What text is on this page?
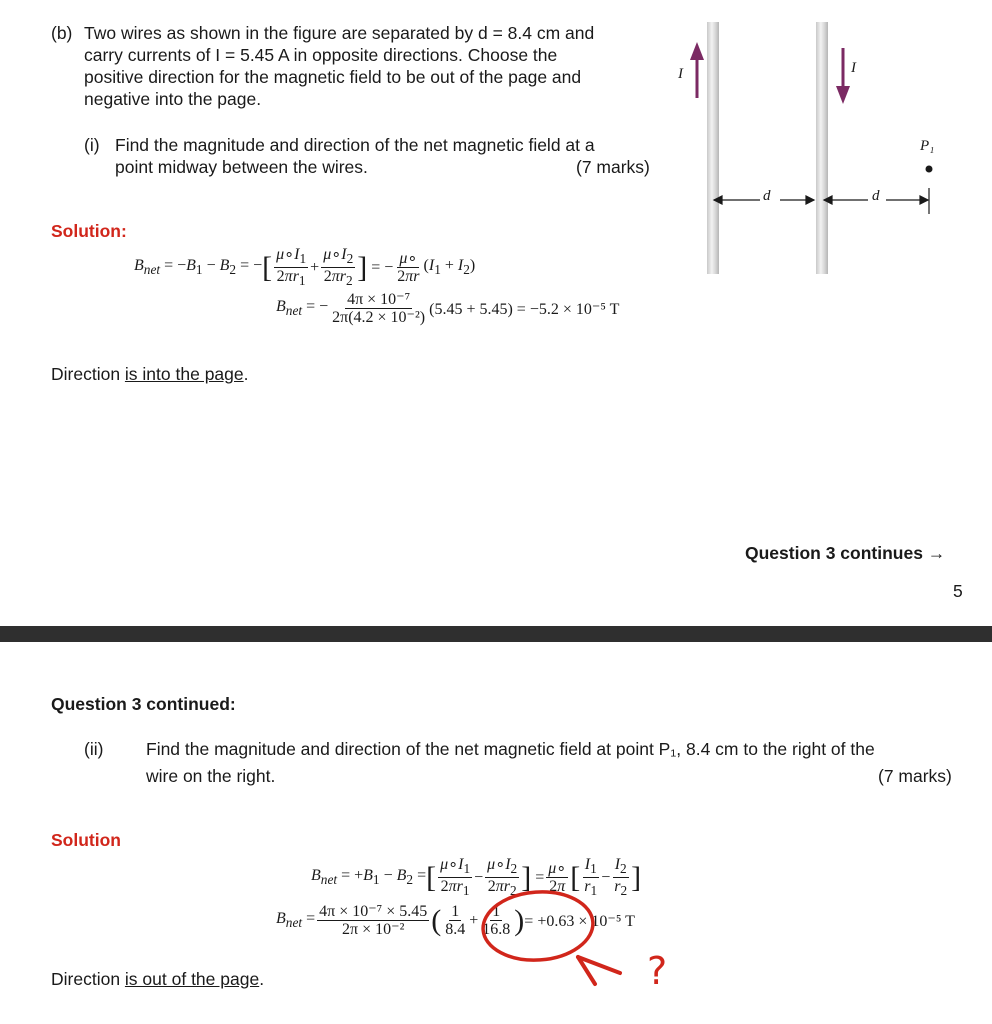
(b) Two wires as shown in the figure are separated by d = 8.4 cm and
carry currents of I = 5.45 A in opposite directions. Choose the
positive direction for the magnetic field to be out of the page and
negative into the page.
(i) Find the magnitude and direction of the net magnetic field at a
point midway between the wires.	(7 marks)
I	I
P₁
d	d
Solution:
$B_{net} = -B_1 - B_2$ = − [ $\frac{\mu\circ I_1}{2\pi r_1} + \frac{\mu\circ I_2}{2\pi r_2}$ ] = − $\frac{\mu\circ}{2\pi r} (I_1 + I_2)$
$B_{net}$ = − $\frac{\text{4π × 10⁻⁷}}{\text{2π(4.2 × 10⁻²)}} (5.45 + 5.45) = -5.2 \times 10^{-5}$ T
Direction is into the page.
Question 3 continues →
5
Question 3 continued:
(ii) Find the magnitude and direction of the net magnetic field at point P₁, 8.4 cm to the right of the
wire on the right.	(7 marks)
Solution
$B_{net} = +B_1 - B_2$ = [ $\frac{\mu\circ I_1}{2\pi r_1} - \frac{\mu\circ I_2}{2\pi r_2}$ ] = $\frac{\mu\circ}{2\pi}$ [ $\frac{I_1}{r_1} - \frac{I_2}{r_2}$ ]
$B_{net} = \frac{\text{4π × 10⁻⁷ × 5.45}}{\text{2π × 10⁻²}}$ ( $\frac{1}{8.4} + \frac{1}{16.8}$ ) = +0.63 × 10⁻⁵ T
?
Direction is out of the page.
